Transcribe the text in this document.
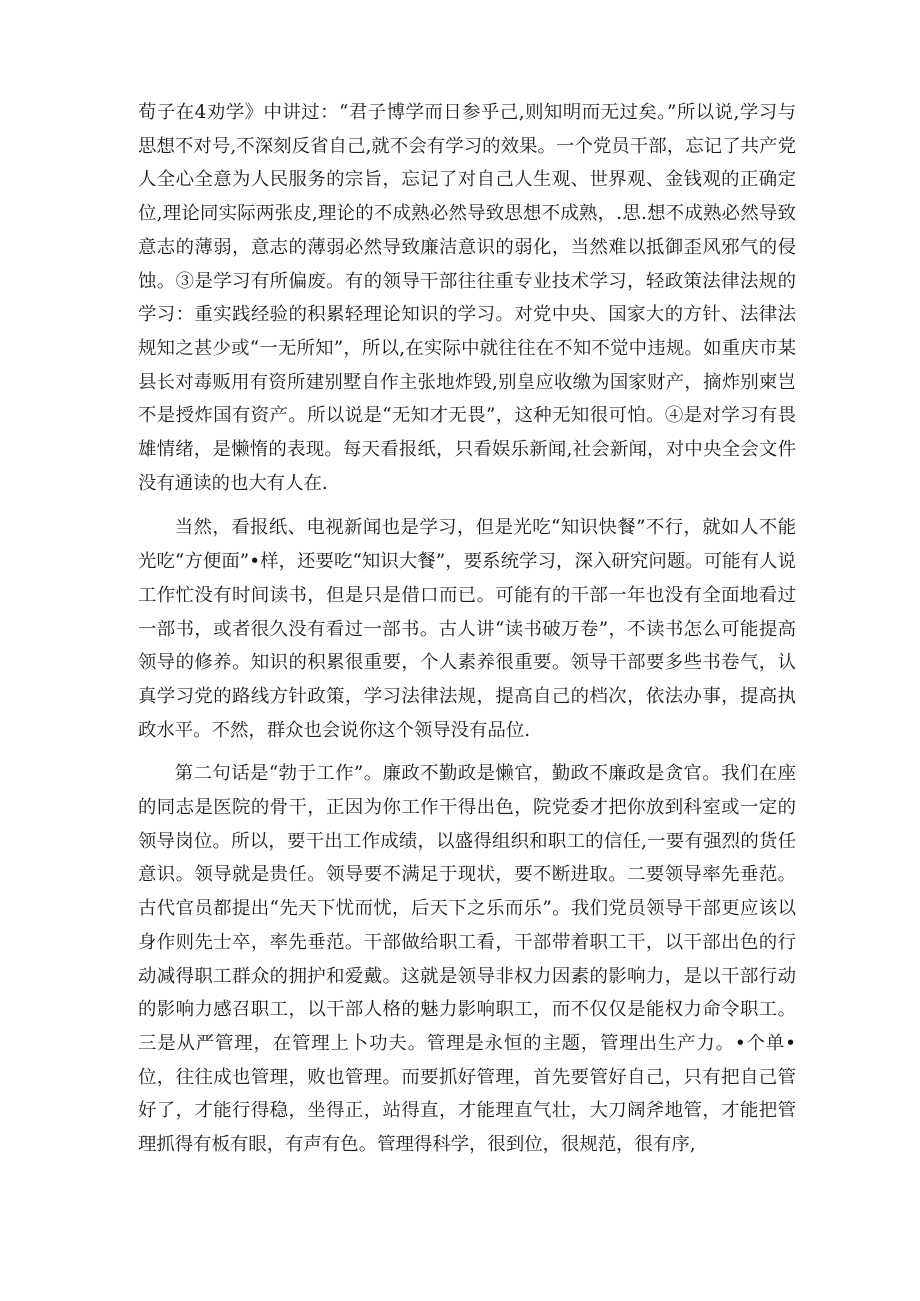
荀子在4劝学》中讲过：“君子博学而日参乎己,则知明而无过矣。”所以说,学习与思想不对号,不深刻反省自己,就不会有学习的效果。一个党员干部，忘记了共产党人全心全意为人民服务的宗旨，忘记了对自己人生观、世界观、金钱观的正确定位,理论同实际两张皮,理论的不成熟必然导致思想不成熟，.思.想不成熟必然导致意志的薄弱，意志的薄弱必然导致廉洁意识的弱化，当然难以抵御歪风邪气的侵蚀。③是学习有所偏废。有的领导干部往往重专业技术学习，轻政策法律法规的学习：重实践经验的积累轻理论知识的学习。对党中央、国家大的方针、法律法规知之甚少或“一无所知”，所以,在实际中就往往在不知不觉中违规。如重庆市某县长对毒贩用有资所建别墅自作主张地炸毁,别皇应收缴为国家财产，摘炸别柬岂不是授炸国有资产。所以说是“无知才无畏”，这种无知很可怕。④是对学习有畏雄情绪，是懒惰的表现。每天看报纸，只看娱乐新闻,社会新闻，对中央全会文件没有通读的也大有人在.

当然，看报纸、电视新闻也是学习，但是光吃“知识快餐”不行，就如人不能光吃“方便面”•样，还要吃“知识大餐”，要系统学习，深入研究问题。可能有人说工作忙没有时间读书，但是只是借口而已。可能有的干部一年也没有全面地看过一部书，或者很久没有看过一部书。古人讲“读书破万卷”，不读书怎么可能提高领导的修养。知识的积累很重要，个人素养很重要。领导干部要多些书卷气，认真学习党的路线方针政策，学习法律法规，提高自己的档次，依法办事，提高执政水平。不然，群众也会说你这个领导没有品位.

第二句话是“勃于工作”。廉政不勤政是懒官，勤政不廉政是贪官。我们在座的同志是医院的骨干，正因为你工作干得出色，院党委才把你放到科室或一定的领导岗位。所以，要干出工作成绩，以盛得组织和职工的信任,一要有强烈的货任意识。领导就是贵任。领导要不满足于现状，要不断进取。二要领导率先垂范。古代官员都提出“先天下忧而忧，后天下之乐而乐”。我们党员领导干部更应该以身作则先士卒，率先垂范。干部做给职工看，干部带着职工干，以干部出色的行动减得职工群众的拥护和爱戴。这就是领导非权力因素的影响力，是以干部行动的影响力感召职工，以干部人格的魅力影响职工，而不仅仅是能权力命令职工。三是从严管理，在管理上卜功夫。管理是永恒的主题，管理出生产力。•个单•位，往往成也管理，败也管理。而要抓好管理，首先要管好自己，只有把自己管好了，才能行得稳，坐得正，站得直，才能理直气壮，大刀阔斧地管，才能把管理抓得有板有眼，有声有色。管理得科学，很到位，很规范，很有序,
